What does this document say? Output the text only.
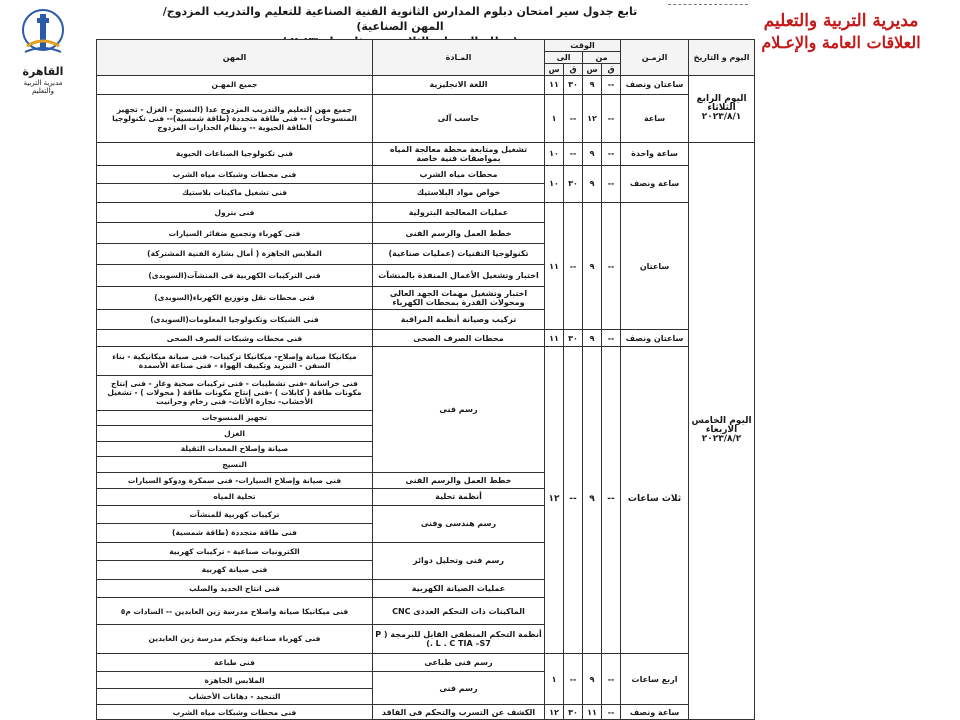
القاهرة
مديرية التربية والتعليم
تابع جدول سير امتحان دبلوم المدارس الثانوية الفنية الصناعية للتعليم والتدريب المزدوج/المهن الصناعية)	مديرية التربية والتعليم
العلاقات العامة والإعـلام
اليوم و التاريخ	الزمـن	الوقت				المـادة	المهن
		من		الى			
		ق	س	ق	س		

اليوم الرابع
الثلاثاء
٢٠٢٣/٨/١	ساعتان ونصف	--	٩	٣٠	١١	اللغة الانجليزية	جميع المهـن
	ساعة	--	١٢	--	١	حاسب آلى	جميع مهن التعليم والتدريب المزدوج عدا (النسيج - الغزل - تجهيز المنسوجات ) -- فنى طاقة متجددة (طاقة شمسية)-- فنى تكنولوجيا الطاقة الحيوية -- ونظام الجدارات المزدوج

اليوم الخامس
الاربعاء
٢٠٢٣/٨/٢	ساعة واحدة	--	٩	--	١٠	تشغيل ومتابعة محطة معالجة المياه بمواصفات فنية خاصة	فنى تكنولوجيا الصناعات الحيوية
	ساعة ونصف	--	٩	٣٠	١٠	محطات مياه الشرب	فنى محطات وشبكات مياه الشرب
						خواص مواد البلاستيك	فنى تشغيل ماكينات بلاستيك
	ساعتان	--	٩	--	١١	عمليات المعالجة البترولية	فنى بترول
						خطط العمل والرسم الفنى	فنى كهرباء وتجميع ضفائر السيارات
						تكنولوجيا التقنيات (عمليات صناعية)	الملابس الجاهزة ( أمال بشارة الفنية المشتركة)
						اختبار وتشغيل الأعمال المنفذة بالمنشآت	فنى التركيبات الكهربية فى المنشآت(السويدى)
						اختبار وتشغيل مهمات الجهد العالى ومحولات القدرة بمحطات الكهرباء	فنى محطات نقل وتوزيع الكهرباء(السويدى)
						تركيب وصيانة أنظمة المراقبة	فنى الشبكات وتكنولوجيا المعلومات(السويدى)
	ساعتان ونصف	--	٩	٣٠	١١	محطات الصرف الصحى	فنى محطات وشبكات الصرف الصحى
	ثلاث ساعات	--	٩	--	١٢	رسم فنى	ميكانيكا صيانة وإصلاح- ميكانيكا تركيبات- فنى صيانة ميكانيكية - بناء السفن - التبريد وتكييف الهواء - فنى صناعة الأسمدة
							فنى خراسانة -فنى تشطيبات - فنى تركيبات صحية وغاز - فنى إنتاج مكونات طاقة ( كابلات ) -فنى إنتاج مكونات طاقة ( محولات ) - تشغيل الأخشاب- نجارة الأثاث- فنى رخام وجرانيت
							تجهيز المنسوجات
							الغزل
							صيانة وإصلاح المعدات الثقيلة
							النسيج
						خطط العمل والرسم الفنى	فنى صيانة وإصلاح السيارات- فنى سمكرة ودوكو السيارات
						أنظمة تحلية	تحلية المياه
						رسم هندسى وفنى	تركيبات كهربية للمنشآت
							فنى طاقة متجددة (طاقة شمسية)
						رسم فنى وتحليل دوائر	الكترونيات صناعية - تركيبات كهربية
							فنى صيانة كهربية
						عمليات الصيانة الكهربية	فنى انتاج الحديد والصلب
						الماكينات ذات التحكم العددى CNC	فنى ميكانيكا صيانة واصلاح مدرسة زين العابدين -- السادات م٥
						أنظمة التحكم المنطقى القابل للبرمجة ( P . L . C TIA –S7)	فنى كهرباء صناعية وتحكم مدرسة زين العابدين
	اربع ساعات	--	٩	--	١	رسم فنى طباعى	فنى طباعة
						رسم فنى	الملابس الجاهزة
							التنجيد - دهانات الأخشاب
	ساعة ونصف	--	١١	٣٠	١٢	الكشف عن التسرب والتحكم فى الفاقد	فنى محطات وشبكات مياه الشرب
